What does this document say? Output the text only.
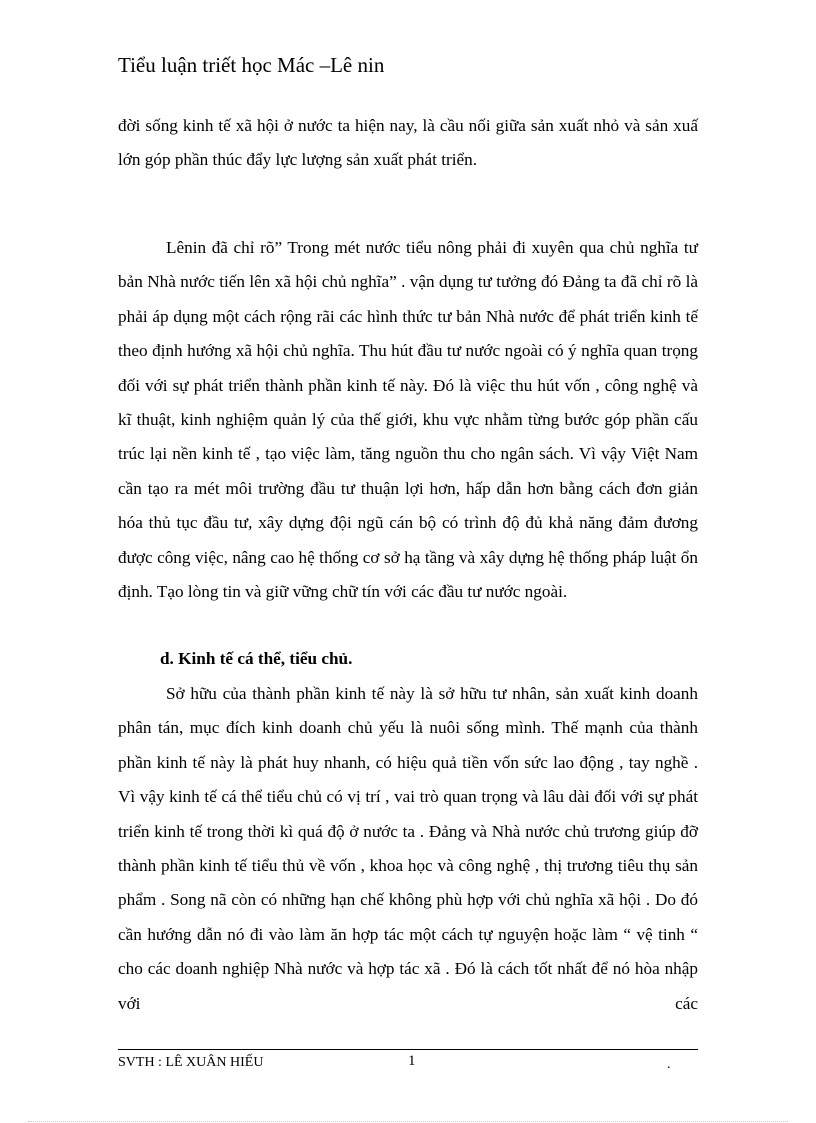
Tiểu luận triết học Mác –Lê nin
đời sống kinh tế xã hội ở nước ta hiện nay, là cầu nối giữa sản xuất nhỏ và sản xuấ lớn góp phần thúc đẩy lực lượng sản xuất phát triển.
Lênin đã chỉ rõ” Trong mét nước tiểu nông phải đi xuyên qua chủ nghĩa tư bản Nhà nước tiến lên xã hội chủ nghĩa” . vận dụng tư tưởng đó Đảng ta đã chỉ rõ là phải áp dụng một cách rộng rãi các hình thức tư bản Nhà nước để phát triển kinh tế theo định hướng xã hội chủ nghĩa. Thu hút đầu tư nước ngoài có ý nghĩa quan trọng đối với sự phát triển thành phần kinh tế này. Đó là việc thu hút vốn , công nghệ và kĩ thuật, kinh nghiệm quản lý của thế giới, khu vực nhằm từng bước góp phần cấu trúc lại nền kinh tế , tạo việc làm, tăng nguồn thu cho ngân sách. Vì vậy Việt Nam cần tạo ra mét môi trường đầu tư thuận lợi hơn, hấp dẫn hơn bằng cách đơn giản hóa thủ tục đầu tư, xây dựng đội ngũ cán bộ có trình độ đủ khả năng đảm đương được công việc, nâng cao hệ thống cơ sở hạ tầng và xây dựng hệ thống pháp luật ổn định. Tạo lòng tin và giữ vững chữ tín với các đầu tư nước ngoài.
d. Kinh tế cá thể, tiểu chủ.
Sở hữu của thành phần kinh tế này là sở hữu tư nhân, sản xuất kinh doanh phân tán, mục đích kinh doanh chủ yếu là nuôi sống mình. Thế mạnh của thành phần kinh tế này là phát huy nhanh, có hiệu quả tiền vốn sức lao động , tay nghề . Vì vậy kinh tế cá thể tiểu chủ có vị trí , vai trò quan trọng và lâu dài đối với sự phát triển kinh tế trong thời kì quá độ ở nước ta . Đảng và Nhà nước chủ trương giúp đỡ thành phần kinh tế tiểu thủ về vốn , khoa học và công nghệ , thị trương tiêu thụ sản phẩm . Song nã còn có những hạn chế không phù hợp với chủ nghĩa xã hội . Do đó cần hướng dẫn nó đi vào làm ăn hợp tác một cách tự nguyện hoặc làm “ vệ tinh “ cho các doanh nghiệp Nhà nước và hợp tác xã . Đó là cách tốt nhất để nó hòa nhập với các
SVTH : LÊ XUÂN HIẾU	1	.
